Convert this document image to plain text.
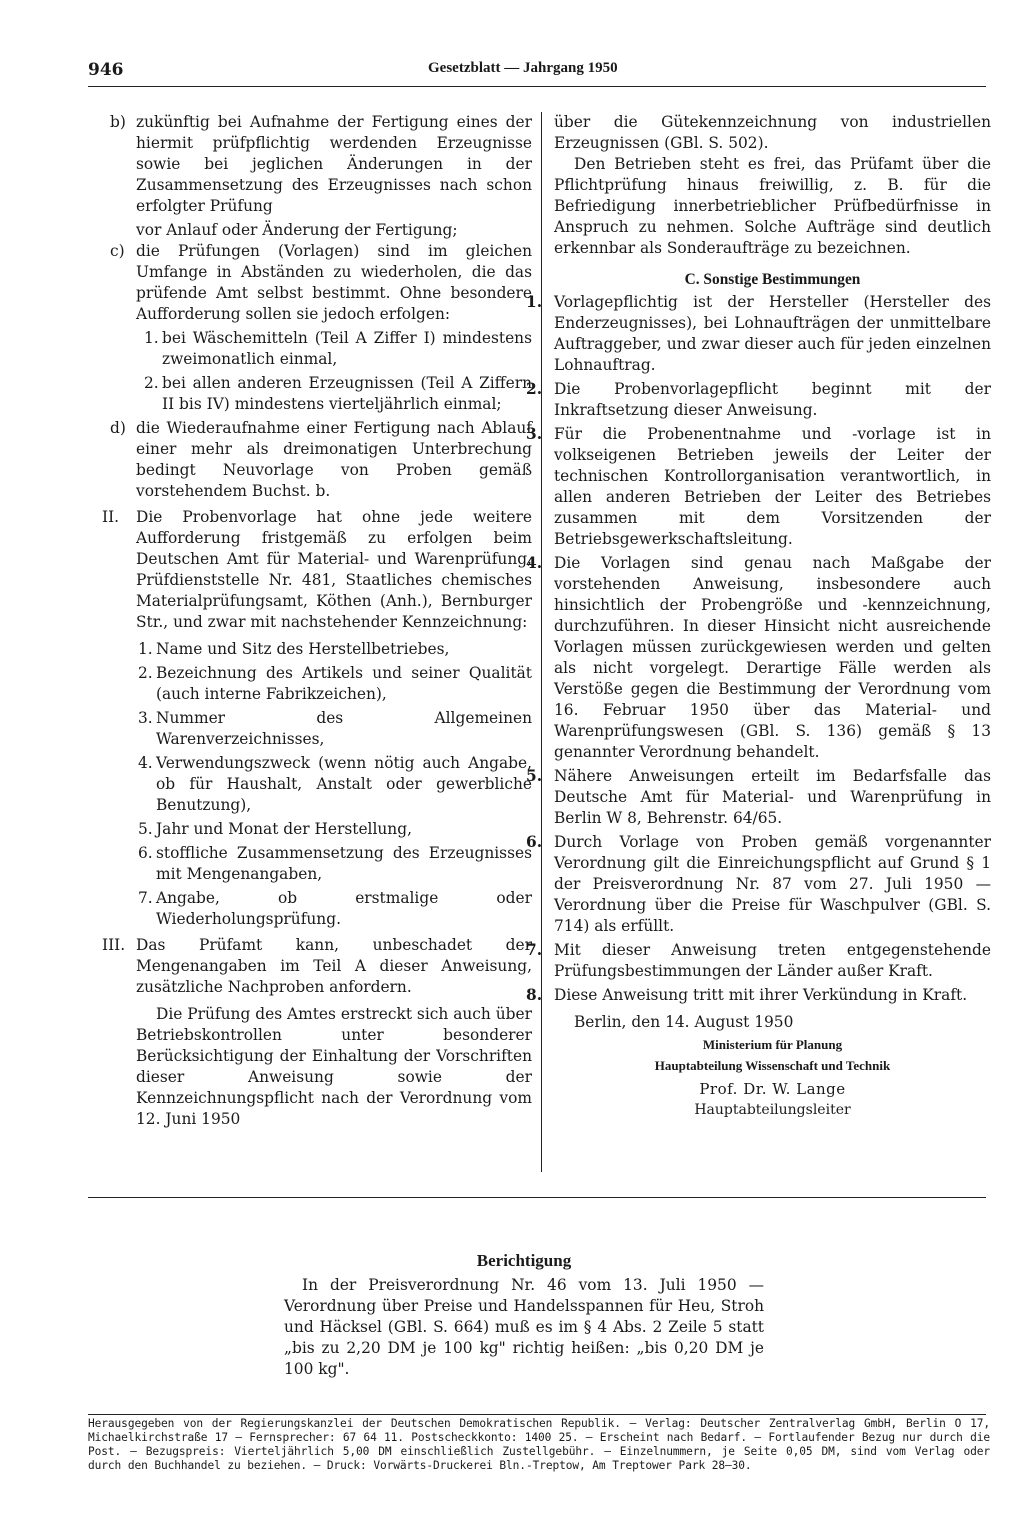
946	Gesetzblatt — Jahrgang 1950
b) zukünftig bei Aufnahme der Fertigung eines der hiermit prüfpflichtig werdenden Erzeugnisse sowie bei jeglichen Änderungen in der Zusammensetzung des Erzeugnisses nach schon erfolgter Prüfung

vor Anlauf oder Änderung der Fertigung;

c) die Prüfungen (Vorlagen) sind im gleichen Umfange in Abständen zu wiederholen, die das prüfende Amt selbst bestimmt. Ohne besondere Aufforderung sollen sie jedoch erfolgen:
1. bei Wäschemitteln (Teil A Ziffer I) mindestens zweimonatlich einmal,
2. bei allen anderen Erzeugnissen (Teil A Ziffern II bis IV) mindestens vierteljährlich einmal;
d) die Wiederaufnahme einer Fertigung nach Ablauf einer mehr als dreimonatigen Unterbrechung bedingt Neuvorlage von Proben gemäß vorstehendem Buchst. b.
II. Die Probenvorlage hat ohne jede weitere Aufforderung fristgemäß zu erfolgen beim Deutschen Amt für Material- und Warenprüfung, Prüfdienststelle Nr. 481, Staatliches chemisches Materialprüfungsamt, Köthen (Anh.), Bernburger Str., und zwar mit nachstehender Kennzeichnung:
1. Name und Sitz des Herstellbetriebes,
2. Bezeichnung des Artikels und seiner Qualität (auch interne Fabrikzeichen),
3. Nummer des Allgemeinen Warenverzeichnisses,
4. Verwendungszweck (wenn nötig auch Angabe, ob für Haushalt, Anstalt oder gewerbliche Benutzung),
5. Jahr und Monat der Herstellung,
6. stoffliche Zusammensetzung des Erzeugnisses mit Mengenangaben,
7. Angabe, ob erstmalige oder Wiederholungsprüfung.
III. Das Prüfamt kann, unbeschadet der Mengenangaben im Teil A dieser Anweisung, zusätzliche Nachproben anfordern.

Die Prüfung des Amtes erstreckt sich auch über Betriebskontrollen unter besonderer Berücksichtigung der Einhaltung der Vorschriften dieser Anweisung sowie der Kennzeichnungspflicht nach der Verordnung vom 12. Juni 1950

über die Gütekennzeichnung von industriellen Erzeugnissen (GBl. S. 502).

Den Betrieben steht es frei, das Prüfamt über die Pflichtprüfung hinaus freiwillig, z. B. für die Befriedigung innerbetrieblicher Prüfbedürfnisse in Anspruch zu nehmen. Solche Aufträge sind deutlich erkennbar als Sonderaufträge zu bezeichnen.

C. Sonstige Bestimmungen
1. Vorlagepflichtig ist der Hersteller (Hersteller des Enderzeugnisses), bei Lohnaufträgen der unmittelbare Auftraggeber, und zwar dieser auch für jeden einzelnen Lohnauftrag.
2. Die Probenvorlagepflicht beginnt mit der Inkraftsetzung dieser Anweisung.
3. Für die Probenentnahme und -vorlage ist in volkseigenen Betrieben jeweils der Leiter der technischen Kontrollorganisation verantwortlich, in allen anderen Betrieben der Leiter des Betriebes zusammen mit dem Vorsitzenden der Betriebsgewerkschaftsleitung.
4. Die Vorlagen sind genau nach Maßgabe der vorstehenden Anweisung, insbesondere auch hinsichtlich der Probengröße und -kennzeichnung, durchzuführen. In dieser Hinsicht nicht ausreichende Vorlagen müssen zurückgewiesen werden und gelten als nicht vorgelegt. Derartige Fälle werden als Verstöße gegen die Bestimmung der Verordnung vom 16. Februar 1950 über das Material- und Warenprüfungswesen (GBl. S. 136) gemäß § 13 genannter Verordnung behandelt.
5. Nähere Anweisungen erteilt im Bedarfsfalle das Deutsche Amt für Material- und Warenprüfung in Berlin W 8, Behrenstr. 64/65.
6. Durch Vorlage von Proben gemäß vorgenannter Verordnung gilt die Einreichungspflicht auf Grund § 1 der Preisverordnung Nr. 87 vom 27. Juli 1950 — Verordnung über die Preise für Waschpulver (GBl. S. 714) als erfüllt.
7. Mit dieser Anweisung treten entgegenstehende Prüfungsbestimmungen der Länder außer Kraft.
8. Diese Anweisung tritt mit ihrer Verkündung in Kraft.
Berlin, den 14. August 1950
Ministerium für Planung
Hauptabteilung Wissenschaft und Technik
Prof. Dr. W. Lange
Hauptabteilungsleiter
Berichtigung

In der Preisverordnung Nr. 46 vom 13. Juli 1950 — Verordnung über Preise und Handelsspannen für Heu, Stroh und Häcksel (GBl. S. 664) muß es im § 4 Abs. 2 Zeile 5 statt „bis zu 2,20 DM je 100 kg" richtig heißen: „bis 0,20 DM je 100 kg".

Herausgegeben von der Regierungskanzlei der Deutschen Demokratischen Republik. — Verlag: Deutscher Zentralverlag GmbH, Berlin O 17, Michaelkirchstraße 17 — Fernsprecher: 67 64 11. Postscheckkonto: 1400 25. — Erscheint nach Bedarf. — Fortlaufender Bezug nur durch die Post. — Bezugspreis: Vierteljährlich 5,00 DM einschließlich Zustellgebühr. — Einzelnummern, je Seite 0,05 DM, sind vom Verlag oder durch den Buchhandel zu beziehen. — Druck: Vorwärts-Druckerei Bln.-Treptow, Am Treptower Park 28—30.
